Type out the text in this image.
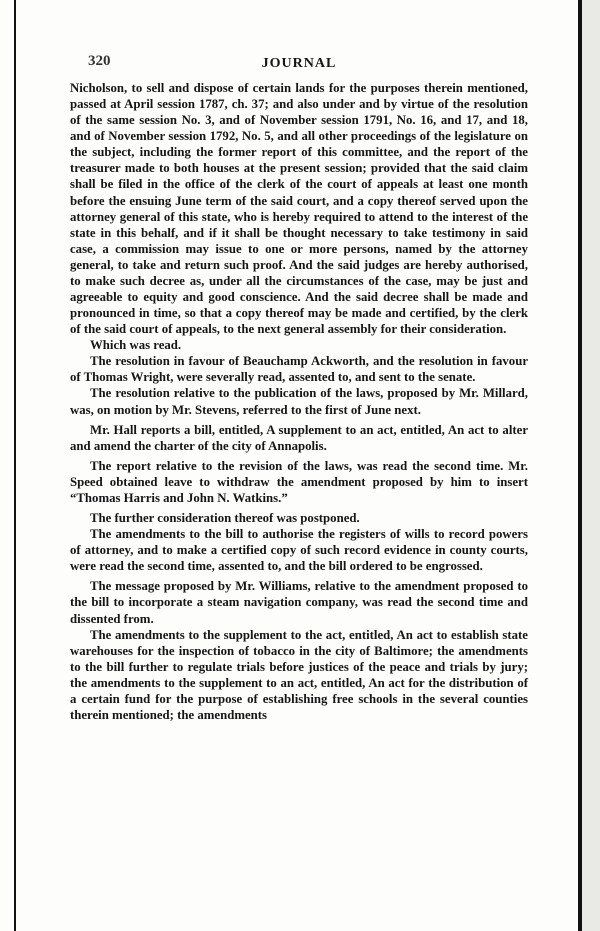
320	JOURNAL

Nicholson, to sell and dispose of certain lands for the purposes therein mentioned, passed at April session 1787, ch. 37; and also under and by virtue of the resolution of the same session No. 3, and of November session 1791, No. 16, and 17, and 18, and of November session 1792, No. 5, and all other proceedings of the legislature on the subject, including the former report of this committee, and the report of the treasurer made to both houses at the present session; provided that the said claim shall be filed in the office of the clerk of the court of appeals at least one month before the ensuing June term of the said court, and a copy thereof served upon the attorney general of this state, who is hereby required to attend to the interest of the state in this behalf, and if it shall be thought necessary to take testimony in said case, a commission may issue to one or more persons, named by the attorney general, to take and return such proof. And the said judges are hereby authorised, to make such decree as, under all the circumstances of the case, may be just and agreeable to equity and good conscience. And the said decree shall be made and pronounced in time, so that a copy thereof may be made and certified, by the clerk of the said court of appeals, to the next general assembly for their consideration.

Which was read.

The resolution in favour of Beauchamp Ackworth, and the resolution in favour of Thomas Wright, were severally read, assented to, and sent to the senate.

The resolution relative to the publication of the laws, proposed by Mr. Millard, was, on motion by Mr. Stevens, referred to the first of June next.

Mr. Hall reports a bill, entitled, A supplement to an act, entitled, An act to alter and amend the charter of the city of Annapolis.

The report relative to the revision of the laws, was read the second time. Mr. Speed obtained leave to withdraw the amendment proposed by him to insert “Thomas Harris and John N. Watkins.”

The further consideration thereof was postponed.

The amendments to the bill to authorise the registers of wills to record powers of attorney, and to make a certified copy of such record evidence in county courts, were read the second time, assented to, and the bill ordered to be engrossed.

The message proposed by Mr. Williams, relative to the amendment proposed to the bill to incorporate a steam navigation company, was read the second time and dissented from.

The amendments to the supplement to the act, entitled, An act to establish state warehouses for the inspection of tobacco in the city of Baltimore; the amendments to the bill further to regulate trials before justices of the peace and trials by jury; the amendments to the supplement to an act, entitled, An act for the distribution of a certain fund for the purpose of establishing free schools in the several counties therein mentioned; the amendments
